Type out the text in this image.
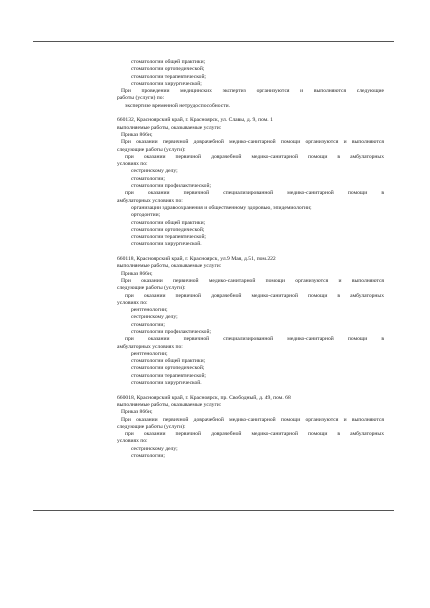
стоматологии общей практики;
стоматологии ортопедической;
стоматологии терапевтической;
стоматологии хирургической;
При проведении медицинских экспертиз организуются и выполняются следующие
работы (услуги) по:
экспертизе временной нетрудоспособности.
660132, Красноярский край, г. Красноярск, ул. Славы, д. 9, пом. 1
выполняемые работы, оказываемые услуги:
Приказ 866н;
При оказании первичной доврачебной медико-санитарной помощи организуются и выполняются
следующие работы (услуги):
при оказании первичной доврачебной медико-санитарной помощи в амбулаторных
условиях по:
сестринскому делу;
стоматологии;
стоматологии профилактической;
при оказании первичной специализированной медико-санитарной помощи в
амбулаторных условиях по:
организации здравоохранения и общественному здоровью, эпидемиологии;
ортодонтии;
стоматологии общей практики;
стоматологии ортопедической;
стоматологии терапевтической;
стоматологии хирургической.
660118, Красноярский край, г. Красноярск, ул.9 Мая, д.51, пом.222
выполняемые работы, оказываемые услуги:
Приказ 866н;
При оказании первичной медико-санитарной помощи организуются и выполняются
следующие работы (услуги):
при оказании первичной доврачебной медико-санитарной помощи в амбулаторных
условиях по:
рентгенологии;
сестринскому делу;
стоматологии;
стоматологии профилактической;
при оказании первичной специализированной медико-санитарной помощи в
амбулаторных условиях по:
рентгенологии;
стоматологии общей практики;
стоматологии ортопедической;
стоматологии терапевтической;
стоматологии хирургической.
660018, Красноярский край, г. Красноярск, пр. Свободный, д. 49, пом. 68
выполняемые работы, оказываемые услуги:
Приказ 866н;
При оказании первичной доврачебной медико-санитарной помощи организуются и выполняются
следующие работы (услуги):
при оказании первичной доврачебной медико-санитарной помощи в амбулаторных
условиях по:
сестринскому делу;
стоматологии;
